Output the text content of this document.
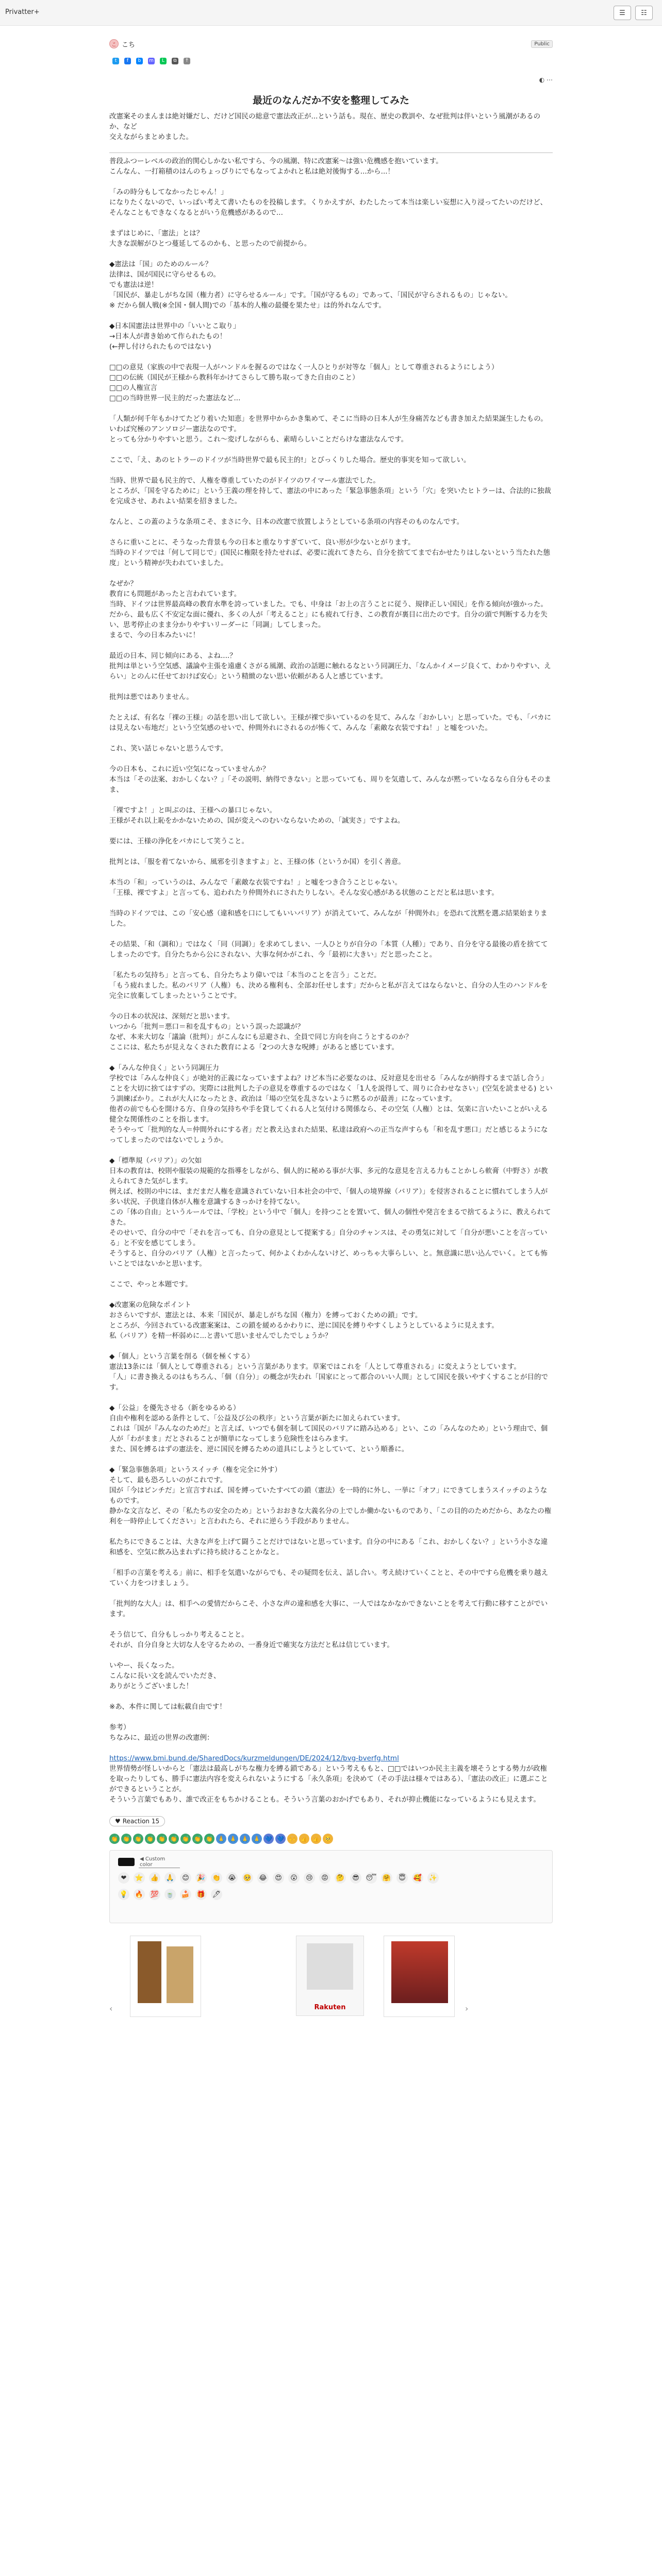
Privatter+	☰	☷
こ こち	Public
t	f	b	m	L	⧉	↑
◐ ⋯
最近のなんだか不安を整理してみた

改憲案そのまんまは絶対嫌だし、だけど国民の総意で憲法改正が...という話も。現在、歴史の教訓や、なぜ批判は伴いという風潮があるのか、など
交えながらまとめました。

普段ふつーレベルの政治的関心しかない私ですら、今の風潮、特に改憲案〜は強い危機感を抱いています。
こんなん、一打箱積のはんのちょっぴりにでもなってよかれと私は絶対後悔する...から...！

「みの時分もしてなかったじゃん！」
になりたくないので、いっぱい考えて書いたものを投稿します。くりかえすが、わたしたって本当は楽しい妄想に入り浸ってたいのだけど、そんなこともできなくなるとがいう危機感があるので...

まずはじめに、「憲法」とは？
大きな誤解がひとつ蔓延してるのかも、と思ったので前提から。

◆憲法は「国」のためのルール？
法律は、国が国民に守らせるもの。
でも憲法は逆！
「国民が、暴走しがちな国（権力者）に守らせるルール」です。「国が守るもの」であって、「国民が守らされるもの」じゃない。
※ だから個人戦(※全国・個人間)での「基本的人権の最優を果たせ」は的外れなんです。

◆日本国憲法は世界中の「いいとこ取り」
→日本人が書き始めて作られたもの！
(←押し付けられたものではない)

□□の意見（家族の中で表現一人がハンドルを握るのではなく一人ひとりが対等な「個人」として尊重されるようにしよう）
□□の伝統（国民が王様から教科年かけてさらして勝ち取ってきた自由のこと）
□□の人権宣言
□□の当時世界一民主的だった憲法など...

「人類が何千年もかけてたどり着いた知恵」を世界中からかき集めて、そこに当時の日本人が生身痛苦なども書き加えた結果誕生したもの。
いわば究極のアンソロジー憲法なのです。
とっても分かりやすいと思う。これ～変げしながらも、素晴らしいことだらけな憲法なんです。

ここで、「え、あのヒトラーのドイツが当時世界で最も民主的!」とびっくりした場合。歴史的事実を知って欲しい。

当時、世界で最も民主的で、人権を尊重していたのがドイツのワイマール憲法でした。
ところが、「国を守るために」という王義の理を持して、憲法の中にあった「緊急事態条項」という「穴」を突いたヒトラーは、合法的に独裁を完成させ、あれよい結果を招きました。

なんと、この蓋のような条項こそ、まさに今、日本の改憲で放置しようとしている条項の内容そのものなんです。

さらに重いことに、そうなった背景も今の日本と重なりすぎていて、良い形が少ないとがります。
当時のドイツでは「何して同じで」(国民に権限を持たせれば、必要に流れてきたら、自分を捨ててまで右かせたりはしないという当たれた態度」という精神が失われていました。

なぜか？
教育にも問題があったと言われています。
当時、ドイツは世界最高峰の教育水準を誇っていました。でも、中身は「お上の言うことに従う、規律正しい国民」を作る傾向が強かった。
だから、最も広く不安定な面に優れ、多くの人が「考えること」にも疲れて行き、この教育が裏目に出たのです。自分の頭で判断する力を失い、思考停止のまま分かりやすいリーダーに「同調」してしまった。
まるで、今の日本みたいに！

最近の日本、同じ傾向にある、よね....？
批判は単という空気感、議論や主張を遠慮くさがる風潮、政治の話題に触れるなという同調圧力、「なんかイメージ良くて、わかりやすい、えらい」とのんに任せておけば安心」という精緻のない思い依頼がある人と感じています。

批判は悪ではありません。

たとえば、有名な「裸の王様」の話を思い出して欲しい。王様が裸で歩いているのを見て、みんな「おかしい」と思っていた。でも、「バカには見えない布地だ」という空気感のせいで、仲間外れにされるのが怖くて、みんな「素敵な衣装ですね！」と嘘をついた。

これ、笑い話じゃないと思うんです。

今の日本も、これに近い空気になっていませんか？
本当は「その法案、おかしくない？」「その説明、納得できない」と思っていても、周りを気遣して、みんなが黙っていなるなら自分もそのまま、

「裸ですよ！」と叫ぶのは、王様への暴口じゃない。
王様がそれ以上恥をかかないための、国が変えへのむいならないための、「誠実さ」ですよね。

要には、王様の浄化をバカにして笑うこと。

批判とは、「服を着てないから、風邪を引きますよ」と、王様の体（というか国）を引く善意。

本当の「和」っていうのは、みんなで「素敵な衣装ですね！」と嘘をつき合うことじゃない。
「王様、裸ですよ」と言っても、追われたり仲間外れにされたりしない。そんな安心感がある状態のことだと私は思います。

当時のドイツでは、この「安心感（違和感を口にしてもいいバリア）が消えていて、みんなが「仲間外れ」を恐れて沈黙を選ぶ結果始まりました。

その結果、「和（調和）」ではなく「同（同調）」を求めてしまい、一人ひとりが自分の「本質（人種）」であり、自分を守る最後の盾を捨ててしまったのです。自分たちから公にされない、大事な何かがこれ、今「最初に大きい」だと思ったこと。

「私たちの気持ち」と言っても、自分たちより偉いでは「本当のことを言う」ことだ。
「もう疲れました。私のバリア（人権）も、決める権利も、全部お任せします」だからと私が言えてはならないと、自分の人生のハンドルを完全に放棄してしまったということです。

今の日本の状況は、深刻だと思います。
いつから「批判＝悪口＝和を乱すもの」という誤った認識が？
なぜ、本来大切な「議論（批判）」がこんなにも忌避され、全員で同じ方向を向こうとするのか？
ここには、私たちが見えなくされた教育による「2つの大きな呪縛」があると感じています。

◆「みんな仲良く」という同調圧力
学校では「みんな仲良く」が絶対的正義になっていますよね？けど本当に必要なのは、反対意見を出せる「みんなが納得するまで話し合う」ことを大切に捨てはすずの。実際には批判した子の意見を尊重するのではなく「1人を説得して、周りに合わせなさい」(空気を読ませる) という訓練ばかり。これが大人になったとき、政治は「場の空気を乱さないように黙るのが最善」になっています。
他者の前でも心を開ける方、自身の気持ちや手を貸してくれる人と気付ける関係なら、その空気（人権）とは、気楽に言いたいことがいえる健全な関係性のことを指します。
そうやって「批判的な人＝仲間外れにする者」だと教え込まれた結果、私達は政府への正当な声すらも「和を乱す悪口」だと感じるようになってしまったのではないでしょうか。

◆「標準規（バリア）」の欠如
日本の教育は、校則や服装の規範的な指導をしながら、個人的に秘める事が大事、多元的な意見を言える力もことかしら軟膏（中野さ）が教えられてきた気がします。
例えば、校則の中には、まだまだ人権を意識されていない日本社会の中で、「個人の境界線（バリア）」を侵害されることに慣れてしまう人が多い状況、子供達自体が人権を意識するきっかけを持てない。
この「体の自由」というルールでは、「学校」という中で「個人」を持つことを置いて、個人の個性や発言をまるで捨てるように、教えられてきた。
そのせいで、自分の中で「それを言っても、自分の意見として提案する」自分のチャンスは、その勇気に対して「自分が悪いことを言っている」と不安を感じてしまう。
そうすると、自分のバリア（人権）と言ったって、何かよくわかんないけど、めっちゃ大事らしい、と。無意識に思い込んでいく。とても怖いことではないかと思います。

ここで、やっと本題です。

◆改憲案の危険なポイント
おさらいですが、憲法とは、本来「国民が、暴走しがちな国（権力）を縛っておくための鎖」です。
ところが、今回されている改憲案案は、この鎖を緩めるかわりに、逆に国民を縛りやすくしようとしているように見えます。
私（パリア）を精一杯弱めに...と書いて思いませんでしたでしょうか？

◆「個人」という言葉を削る（個を極くする）
憲法13条には「個人として尊重される」という言葉があります。草案ではこれを「人として尊重される」に変えようとしています。
「人」に書き換えるのはもちろん、「個（自分）」の概念が失われ「国家にとって都合のいい人間」として国民を扱いやすくすることが目的です。

◆「公益」を優先させる（新をゆるめる）
自由や権利を認める条件として、「公益及び公の秩序」という言葉が新たに加えられています。
これは「国が『みんなのためだ』と言えば、いつでも個を制して国民のバリアに踏み込める」とい、この「みんなのため」という理由で、個人が「わがまま」だとされることが簡単になってしまう危険性をはらみます。
また、国を縛るはずの憲法を、逆に国民を縛るための道具にしようとしていて、という順番に。

◆「緊急事態条項」というスイッチ（権を完全に外す）
そして、最も恐ろしいのがこれです。
国が「今はピンチだ」と宣言すれば、国を縛っていたすべての鎖（憲法）を一時的に外し、一挙に「オフ」にできてしまうスイッチのようなものです。
静かな文言など、その「私たちの安全のため」というおおきな大義名分の上でしか働かないものであり、「この目的のためだから、あなたの権利を一時停止してください」と言われたら、それに逆らう手段がありません。

私たちにできることは、大きな声を上げて闘うことだけではないと思っています。自分の中にある「これ、おかしくない？」という小さな違和感を、空気に飲み込まれずに持ち続けることかなと。

「相手の言葉を考える」前に、相手を気遣いながらでも、その疑問を伝え、話し合い。考え続けていくことと、その中ですら危機を乗り越えていく力をつけましょう。

「批判的な大人」は、相手への愛情だからこそ、小さな声の違和感を大事に、一人ではなかなかできないことを考えて行動に移すことがでいます。

そう信じて、自分もしっかり考えることと。
それが、自分自身と大切な人を守るための、一番身近で確実な方法だと私は信じています。

いやー、長くなった。
こんなに長い文を読んでいただき、
ありがとうございました！

※あ、本件に関しては転載自由です！

参考）
ちなみに、最近の世界の改憲例：

https://www.bmi.bund.de/SharedDocs/kurzmeldungen/DE/2024/12/bvg-bverfg.html

世界情勢が怪しいからと「憲法は最高しがちな権力を縛る鎖である」という考えももと、□□ではいつか民主主義を壊そうとする勢力が政権を取ったりしても、勝手に憲法内容を変えられないようにする「永久条項」を決めて（その手法は様々ではある）、「憲法の改正」に選ぶことができるということが。
そういう言葉でもあり、誰で改正をもちかけることも。そういう言葉のおかげでもあり、それが抑止機能になっているようにも見えます。

♥ Reaction 15
👏 👏 👏 👏 👏 👏 👏 👏 👏 🙏 🙏 🙏 🙏 💙 💙 🙌 👍 👍 🥺
◀ Custom color
❤	⭐ 👍 🙏	😊	🎉 👏 😭 🥺 😂	😍	😮	😢	😡	🤔	😎 😴 🤗	😇	🥰 ✨
💡 🔥 💯 🍵 🍰 🎁 🖊
Rakuten
‹	›
